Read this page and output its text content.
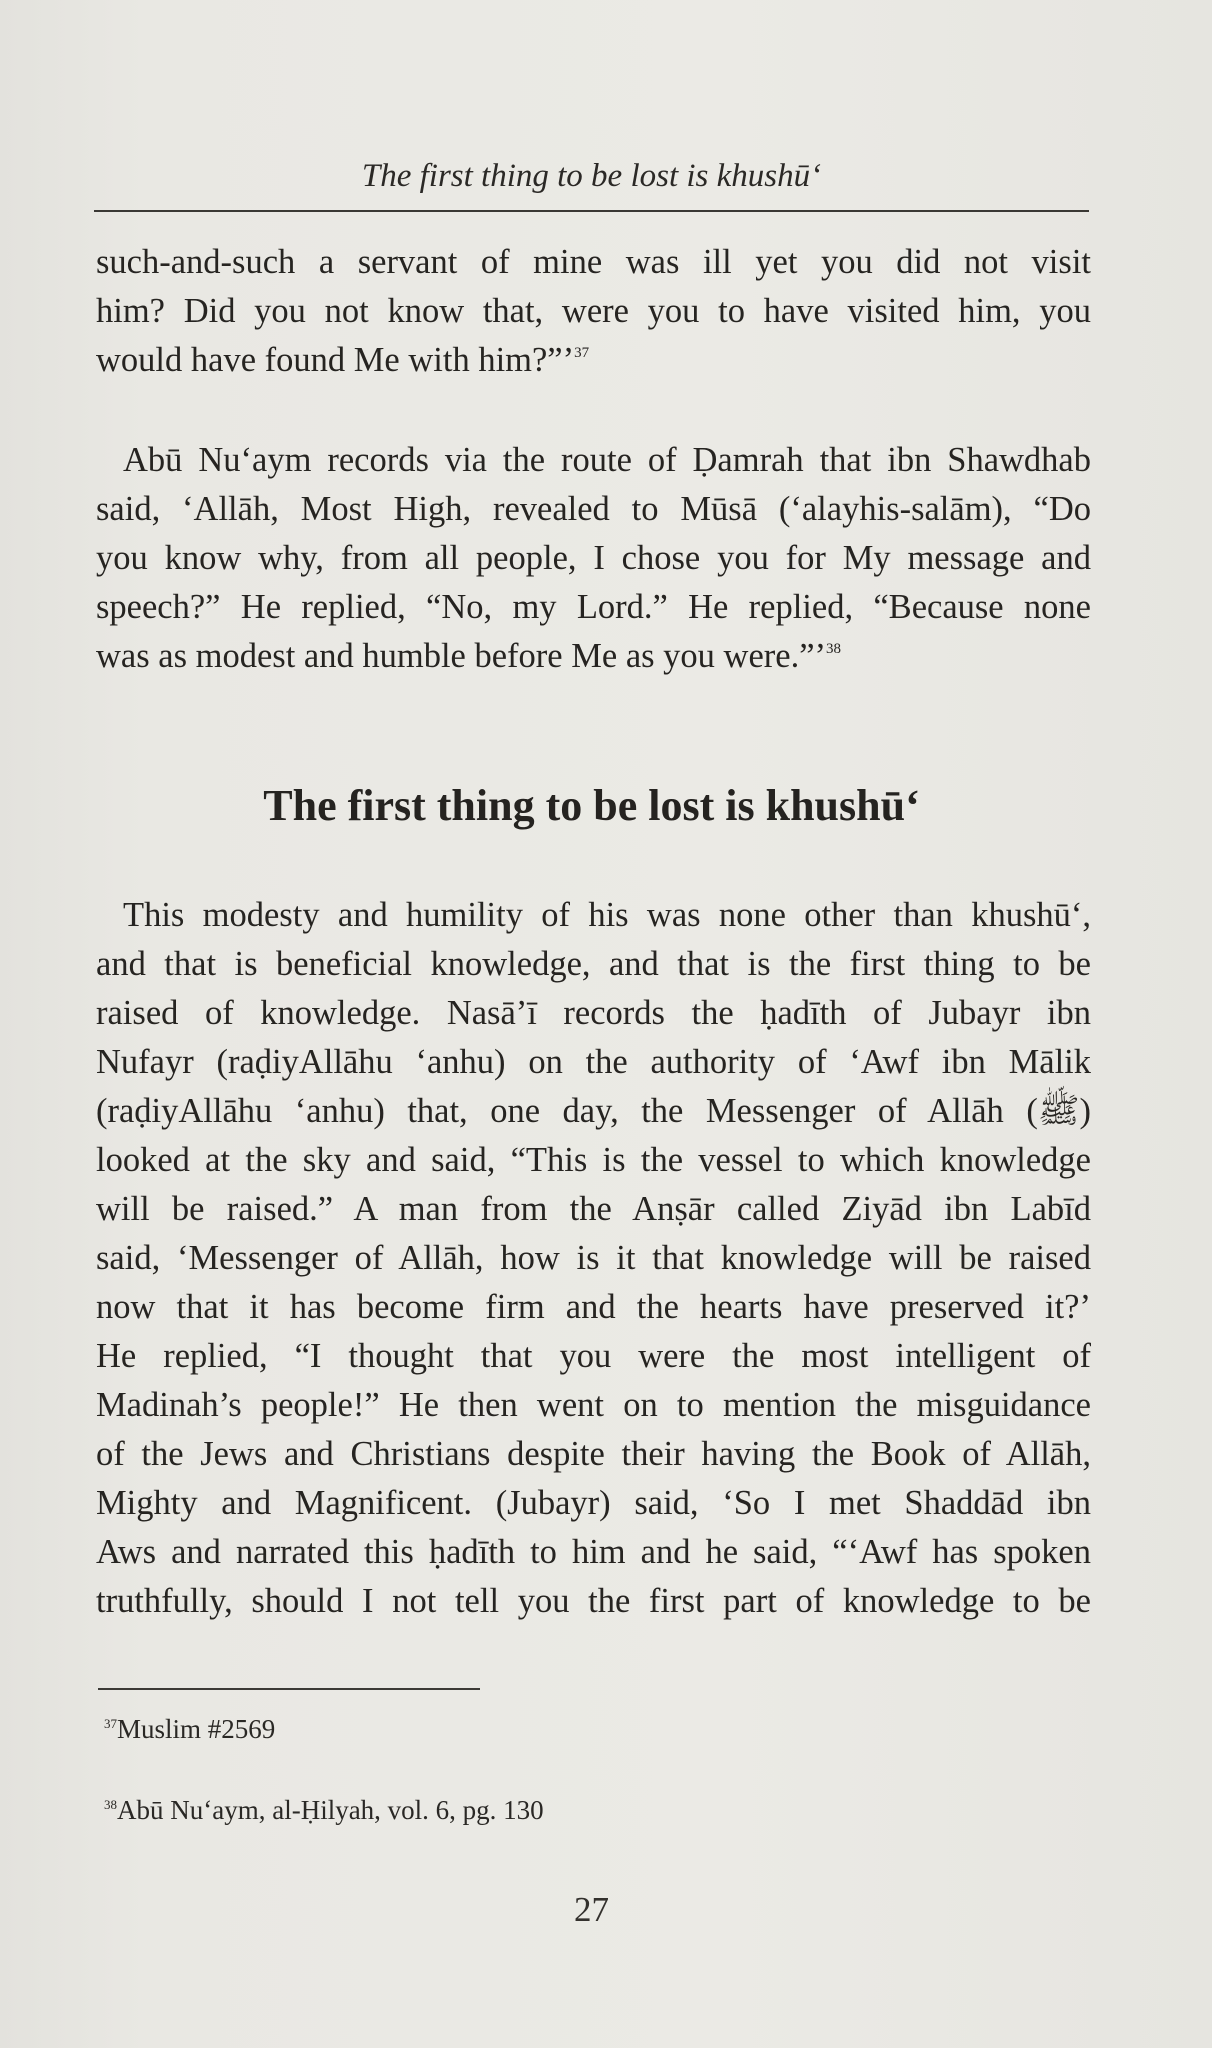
The first thing to be lost is khushū‘

such-and-such a servant of mine was ill yet you did not visit
him? Did you not know that, were you to have visited him, you
would have found Me with him?”’$^{37}$

Abū Nu‘aym records via the route of Ḍamrah that ibn Shawdhab
said, ‘Allāh, Most High, revealed to Mūsā (‘alayhis-salām), “Do
you know why, from all people, I chose you for My message and
speech?” He replied, “No, my Lord.” He replied, “Because none
was as modest and humble before Me as you were.”’$^{38}$

The first thing to be lost is khushū‘

This modesty and humility of his was none other than khushū‘,
and that is beneficial knowledge, and that is the first thing to be
raised of knowledge. Nasā’ī records the ḥadīth of Jubayr ibn
Nufayr (raḍiyAllāhu ‘anhu) on the authority of ‘Awf ibn Mālik
(raḍiyAllāhu ‘anhu) that, one day, the Messenger of Allāh (ﷺ)
looked at the sky and said, “This is the vessel to which knowledge
will be raised.” A man from the Anṣār called Ziyād ibn Labīd
said, ‘Messenger of Allāh, how is it that knowledge will be raised
now that it has become firm and the hearts have preserved it?’
He replied, “I thought that you were the most intelligent of
Madinah’s people!” He then went on to mention the misguidance
of the Jews and Christians despite their having the Book of Allāh,
Mighty and Magnificent. (Jubayr) said, ‘So I met Shaddād ibn
Aws and narrated this ḥadīth to him and he said, “‘Awf has spoken
truthfully, should I not tell you the first part of knowledge to be

$^{37}$Muslim #2569

$^{38}$Abū Nu‘aym, al-Ḥilyah, vol. 6, pg. 130

27
